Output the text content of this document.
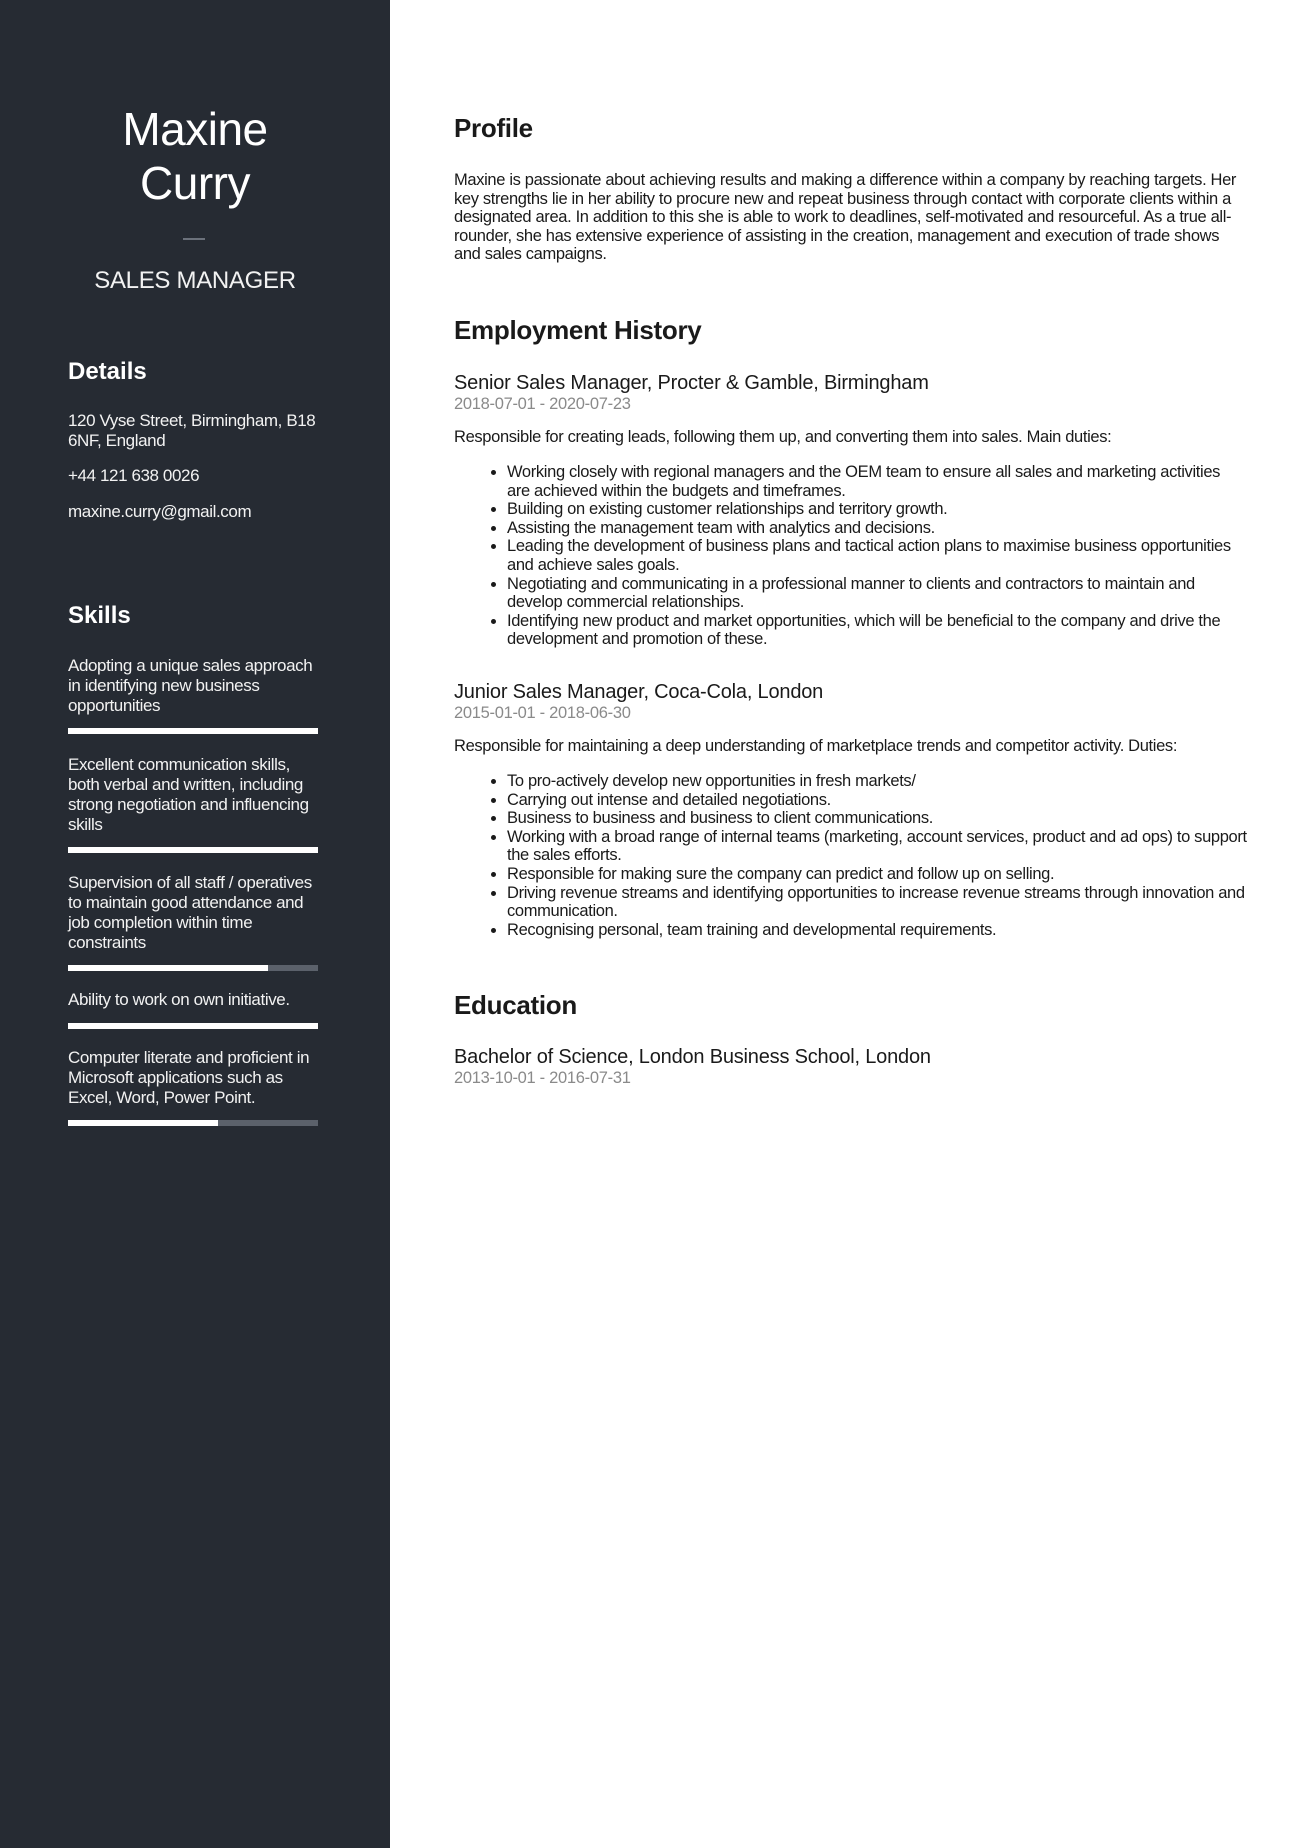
Maxine
Curry
SALES MANAGER
Details
120 Vyse Street, Birmingham, B18 6NF, England
+44 121 638 0026
maxine.curry@gmail.com
Skills
Adopting a unique sales approach in identifying new business opportunities
Excellent communication skills, both verbal and written, including strong negotiation and influencing skills
Supervision of all staff / operatives to maintain good attendance and job completion within time constraints
Ability to work on own initiative.
Computer literate and proficient in Microsoft applications such as Excel, Word, Power Point.
Profile
Maxine is passionate about achieving results and making a difference within a company by reaching targets. Her key strengths lie in her ability to procure new and repeat business through contact with corporate clients within a designated area. In addition to this she is able to work to deadlines, self-motivated and resourceful. As a true all-rounder, she has extensive experience of assisting in the creation, management and execution of trade shows and sales campaigns.
Employment History
Senior Sales Manager, Procter & Gamble, Birmingham
2018-07-01 - 2020-07-23
Responsible for creating leads, following them up, and converting them into sales. Main duties:
• Working closely with regional managers and the OEM team to ensure all sales and marketing activities are achieved within the budgets and timeframes.
• Building on existing customer relationships and territory growth.
• Assisting the management team with analytics and decisions.
• Leading the development of business plans and tactical action plans to maximise business opportunities and achieve sales goals.
• Negotiating and communicating in a professional manner to clients and contractors to maintain and develop commercial relationships.
• Identifying new product and market opportunities, which will be beneficial to the company and drive the development and promotion of these.
Junior Sales Manager, Coca-Cola, London
2015-01-01 - 2018-06-30
Responsible for maintaining a deep understanding of marketplace trends and competitor activity. Duties:
• To pro-actively develop new opportunities in fresh markets/
• Carrying out intense and detailed negotiations.
• Business to business and business to client communications.
• Working with a broad range of internal teams (marketing, account services, product and ad ops) to support the sales efforts.
• Responsible for making sure the company can predict and follow up on selling.
• Driving revenue streams and identifying opportunities to increase revenue streams through innovation and communication.
• Recognising personal, team training and developmental requirements.
Education
Bachelor of Science, London Business School, London
2013-10-01 - 2016-07-31
